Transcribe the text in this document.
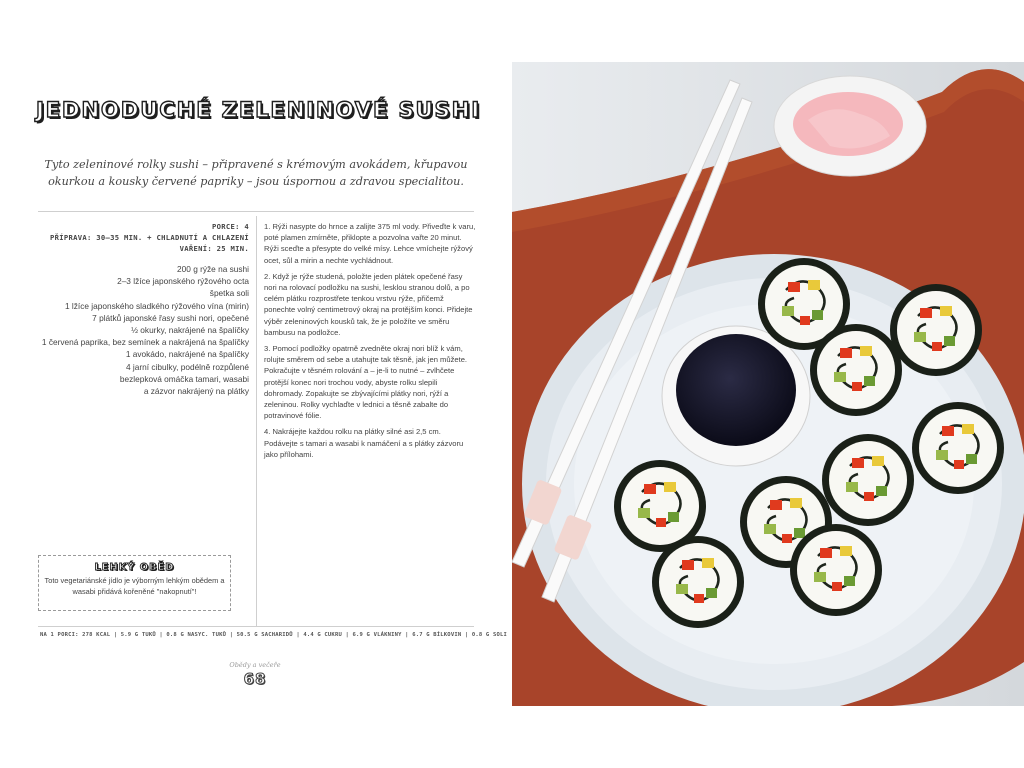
JEDNODUCHÉ ZELENINOVÉ SUSHI
Tyto zeleninové rolky sushi – připravené s krémovým avokádem, křupavou okurkou a kousky červené papriky – jsou úspornou a zdravou specialitou.
PORCE: 4
PŘÍPRAVA: 30–35 MIN. + CHLADNUTÍ A CHLAZENÍ
VAŘENÍ: 25 MIN.
200 g rýže na sushi
2–3 lžíce japonského rýžového octa
špetka soli
1 lžíce japonského sladkého rýžového vína (mirin)
7 plátků japonské řasy sushi nori, opečené
½ okurky, nakrájené na špalíčky
1 červená paprika, bez semínek a nakrájená na špalíčky
1 avokádo, nakrájené na špalíčky
4 jarní cibulky, podélně rozpůlené
bezlepková omáčka tamari, wasabi
a zázvor nakrájený na plátky
1. Rýži nasypte do hrnce a zalijte 375 ml vody. Přiveďte k varu, poté plamen zmírněte, přiklopte a pozvolna vařte 20 minut. Rýži sceďte a přesypte do velké mísy. Lehce vmíchejte rýžový ocet, sůl a mirin a nechte vychládnout.
2. Když je rýže studená, položte jeden plátek opečené řasy nori na rolovací podložku na sushi, lesklou stranou dolů, a po celém plátku rozprostřete tenkou vrstvu rýže, přičemž ponechte volný centimetrový okraj na protějším konci. Přidejte výběr zeleninových kousků tak, že je položíte ve směru bambusu na podložce.
3. Pomocí podložky opatrně zvedněte okraj nori blíž k vám, rolujte směrem od sebe a utahujte tak těsně, jak jen můžete. Pokračujte v těsném rolování a – je-li to nutné – zvlhčete protější konec nori trochou vody, abyste rolku slepili dohromady. Zopakujte se zbývajícími plátky nori, rýží a zeleninou. Rolky vychlaďte v lednici a těsně zabalte do potravinové fólie.
4. Nakrájejte každou rolku na plátky silné asi 2,5 cm. Podávejte s tamari a wasabi k namáčení a s plátky zázvoru jako přílohami.
LEHKÝ OBĚD
Toto vegetariánské jídlo je výborným lehkým obědem a wasabi přidává kořeněné "nakopnutí"!
NA 1 PORCI: 278 KCAL | 5.9 G TUKŮ | 0.8 G NASYC. TUKŮ | 50.5 G SACHARIDŮ | 4.4 G CUKRU | 6.9 G VLÁKNINY | 6.7 G BÍLKOVIN | 0.8 G SOLI
Obědy a večeře
68
